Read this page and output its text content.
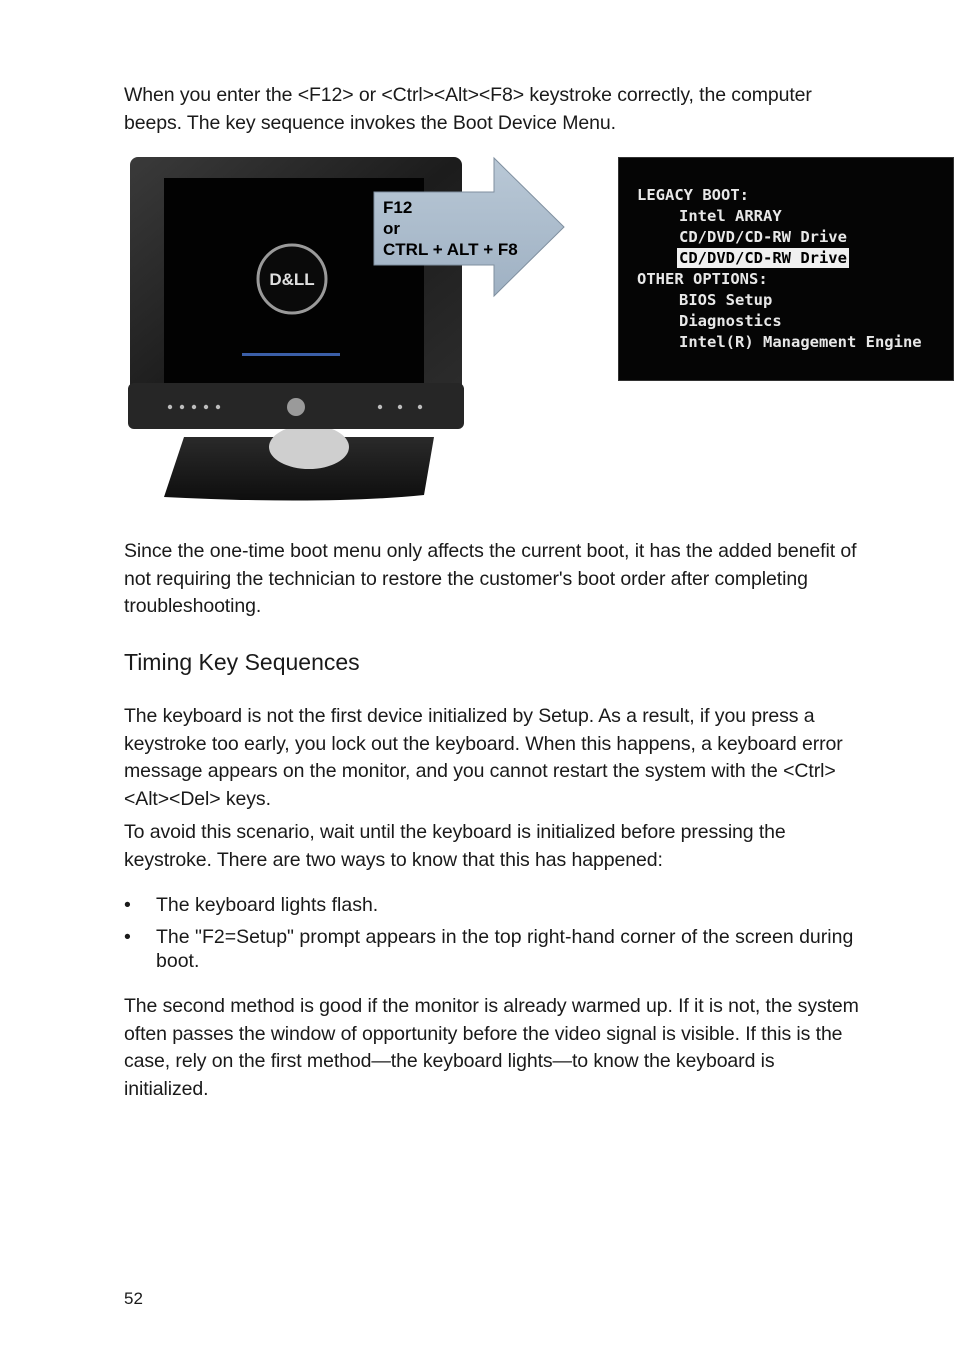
When you enter the <F12> or <Ctrl><Alt><F8> keystroke correctly, the computer beeps. The key sequence invokes the Boot Device Menu.

D&LL
F12
or
CTRL + ALT + F8
LEGACY BOOT:
Intel ARRAY
CD/DVD/CD-RW Drive
CD/DVD/CD-RW Drive
OTHER OPTIONS:
BIOS Setup
Diagnostics
Intel(R) Management Engine

Since the one-time boot menu only affects the current boot, it has the added benefit of not requiring the technician to restore the customer's boot order after completing troubleshooting.

Timing Key Sequences

The keyboard is not the first device initialized by Setup. As a result, if you press a keystroke too early, you lock out the keyboard. When this happens, a keyboard error message appears on the monitor, and you cannot restart the system with the <Ctrl><Alt><Del> keys.

To avoid this scenario, wait until the keyboard is initialized before pressing the keystroke. There are two ways to know that this has happened:

•	The keyboard lights flash.
•	The "F2=Setup" prompt appears in the top right-hand corner of the screen during boot.

The second method is good if the monitor is already warmed up. If it is not, the system often passes the window of opportunity before the video signal is visible. If this is the case, rely on the first method—the keyboard lights—to know the keyboard is initialized.

52
